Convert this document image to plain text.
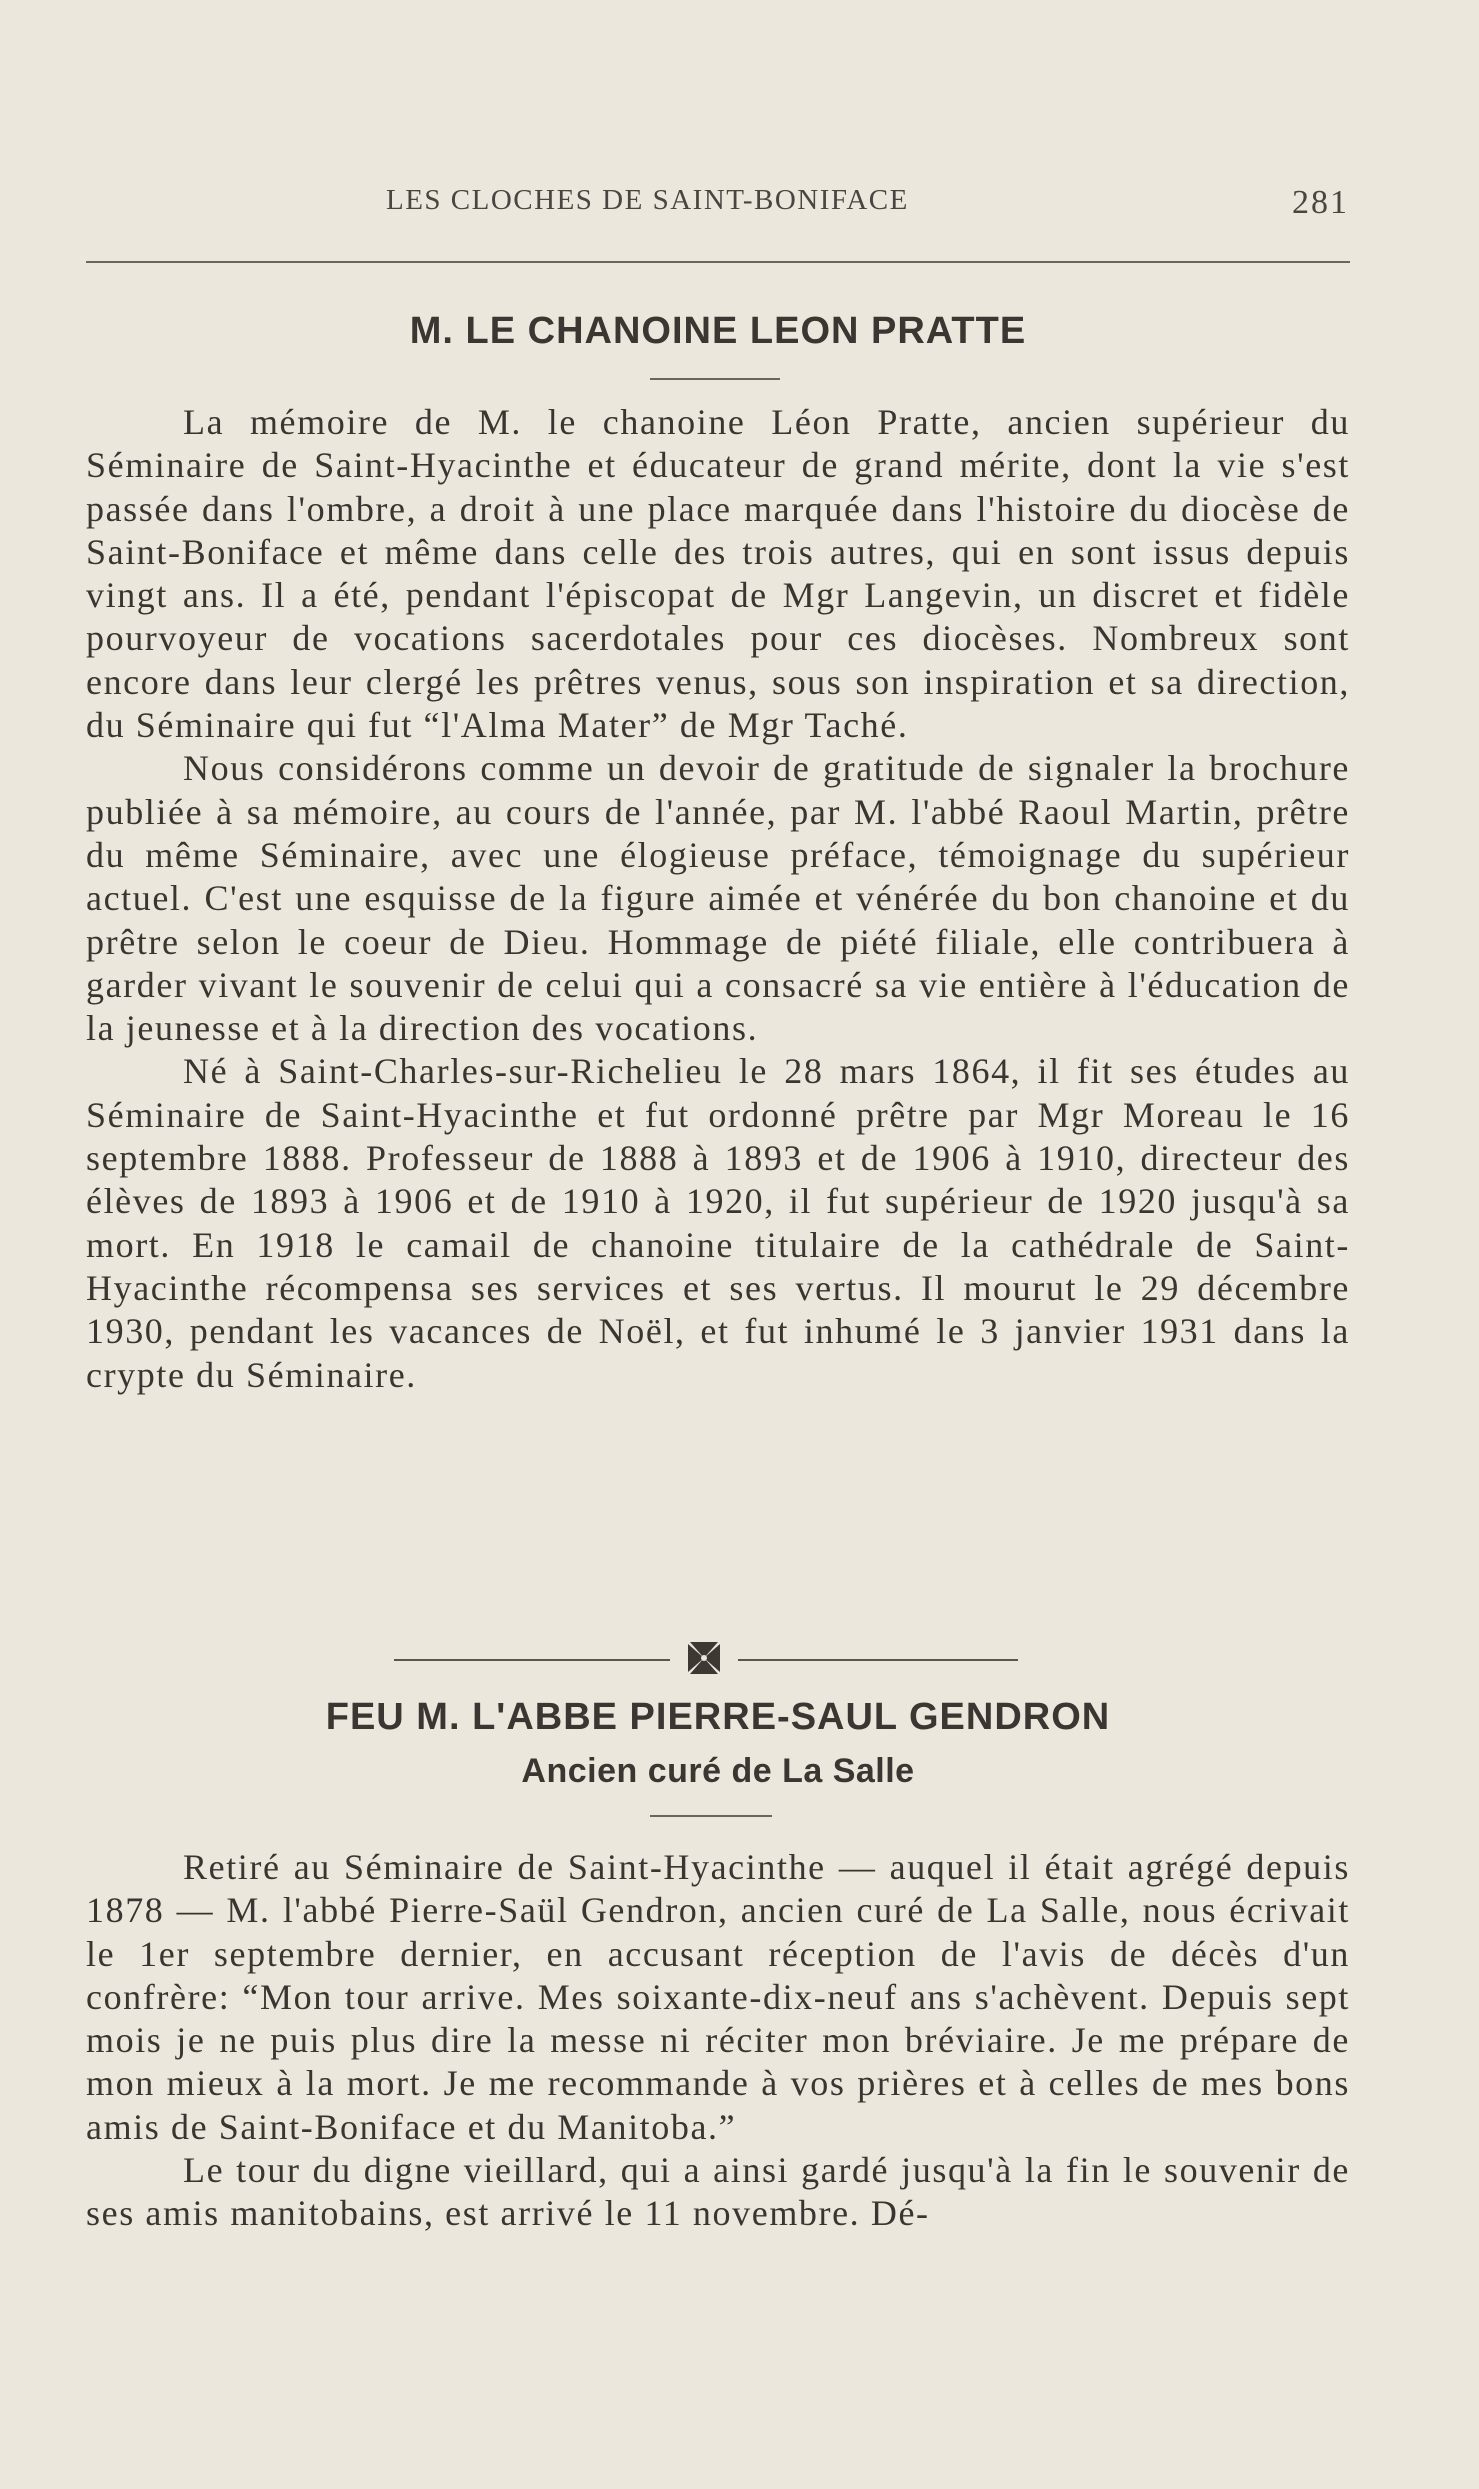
LES CLOCHES DE SAINT-BONIFACE	281
M. LE CHANOINE LEON PRATTE

La mémoire de M. le chanoine Léon Pratte, ancien supérieur du Séminaire de Saint-Hyacinthe et éducateur de grand mérite, dont la vie s'est passée dans l'ombre, a droit à une place marquée dans l'histoire du diocèse de Saint-Boniface et même dans celle des trois autres, qui en sont issus depuis vingt ans. Il a été, pendant l'épiscopat de Mgr Langevin, un discret et fidèle pourvoyeur de vocations sacerdotales pour ces diocèses. Nombreux sont encore dans leur clergé les prêtres venus, sous son inspiration et sa direction, du Séminaire qui fut “l'Alma Mater” de Mgr Taché.

Nous considérons comme un devoir de gratitude de signaler la brochure publiée à sa mémoire, au cours de l'année, par M. l'abbé Raoul Martin, prêtre du même Séminaire, avec une élogieuse préface, témoignage du supérieur actuel. C'est une esquisse de la figure aimée et vénérée du bon chanoine et du prêtre selon le coeur de Dieu. Hommage de piété filiale, elle contribuera à garder vivant le souvenir de celui qui a consacré sa vie entière à l'éducation de la jeunesse et à la direction des vocations.

Né à Saint-Charles-sur-Richelieu le 28 mars 1864, il fit ses études au Séminaire de Saint-Hyacinthe et fut ordonné prêtre par Mgr Moreau le 16 septembre 1888. Professeur de 1888 à 1893 et de 1906 à 1910, directeur des élèves de 1893 à 1906 et de 1910 à 1920, il fut supérieur de 1920 jusqu'à sa mort. En 1918 le camail de chanoine titulaire de la cathédrale de Saint-Hyacinthe récompensa ses services et ses vertus. Il mourut le 29 décembre 1930, pendant les vacances de Noël, et fut inhumé le 3 janvier 1931 dans la crypte du Séminaire.

FEU M. L'ABBE PIERRE-SAUL GENDRON
Ancien curé de La Salle

Retiré au Séminaire de Saint-Hyacinthe — auquel il était agrégé depuis 1878 — M. l'abbé Pierre-Saül Gendron, ancien curé de La Salle, nous écrivait le 1er septembre dernier, en accusant réception de l'avis de décès d'un confrère: “Mon tour arrive. Mes soixante-dix-neuf ans s'achèvent. Depuis sept mois je ne puis plus dire la messe ni réciter mon bréviaire. Je me prépare de mon mieux à la mort. Je me recommande à vos prières et à celles de mes bons amis de Saint-Boniface et du Manitoba.”

Le tour du digne vieillard, qui a ainsi gardé jusqu'à la fin le souvenir de ses amis manitobains, est arrivé le 11 novembre. Dé-
